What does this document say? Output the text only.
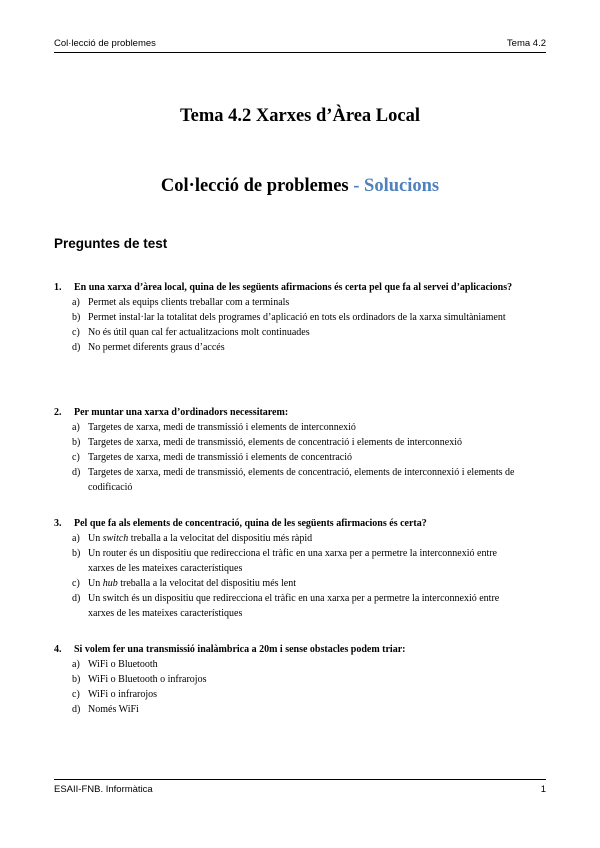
Col·lecció de problemes	Tema 4.2
Tema 4.2 Xarxes d’Àrea Local
Col·lecció de problemes - Solucions
Preguntes de test
1.	En una xarxa d’àrea local, quina de les següents afirmacions és certa pel que fa al servei d’aplicacions?
a) Permet als equips clients treballar com a terminals
b) Permet instal·lar la totalitat dels programes d’aplicació en tots els ordinadors de la xarxa simultàniament
c) No és útil quan cal fer actualitzacions molt continuades
d) No permet diferents graus d’accés
2.	Per muntar una xarxa d’ordinadors necessitarem:
a) Targetes de xarxa, medi de transmissió i elements de interconnexió
b) Targetes de xarxa, medi de transmissió, elements de concentració i elements de interconnexió
c) Targetes de xarxa, medi de transmissió i elements de concentració
d) Targetes de xarxa, medi de transmissió, elements de concentració, elements de interconnexió i elements de codificació
3.	Pel que fa als elements de concentració, quina de les següents afirmacions és certa?
a) Un switch treballa a la velocitat del dispositiu més ràpid
b) Un router és un dispositiu que redirecciona el tràfic en una xarxa per a permetre la interconnexió entre xarxes de les mateixes característiques
c) Un hub treballa a la velocitat del dispositiu més lent
d) Un switch és un dispositiu que redirecciona el tràfic en una xarxa per a permetre la interconnexió entre xarxes de les mateixes característiques
4.	Si volem fer una transmissió inalàmbrica a 20m i sense obstacles podem triar:
a) WiFi o Bluetooth
b) WiFi o Bluetooth o infrarojos
c) WiFi o infrarojos
d) Només WiFi
ESAII-FNB. Informàtica	1
